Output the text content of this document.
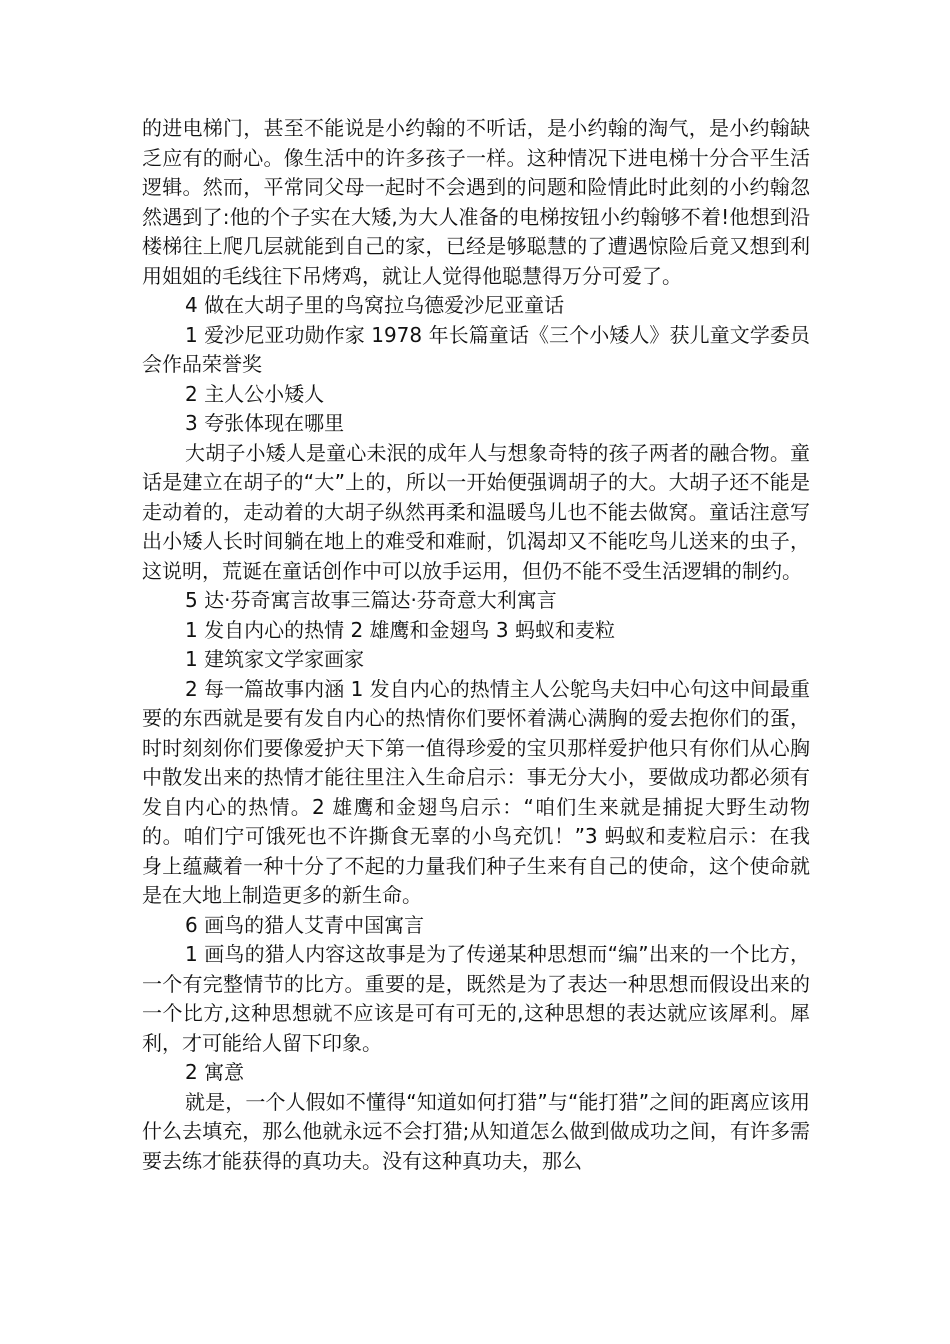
的进电梯门，甚至不能说是小约翰的不听话，是小约翰的淘气，是小约翰缺乏应有的耐心。像生活中的许多孩子一样。这种情况下进电梯十分合平生活逻辑。然而，平常同父母一起时不会遇到的问题和险情此时此刻的小约翰忽然遇到了:他的个子实在大矮,为大人准备的电梯按钮小约翰够不着!他想到沿楼梯往上爬几层就能到自己的家，已经是够聪慧的了遭遇惊险后竟又想到利用姐姐的毛线往下吊烤鸡，就让人觉得他聪慧得万分可爱了。

4 做在大胡子里的鸟窝拉乌德爱沙尼亚童话

1 爱沙尼亚功勋作家 1978 年长篇童话《三个小矮人》获儿童文学委员会作品荣誉奖

2 主人公小矮人

3 夸张体现在哪里

大胡子小矮人是童心未泯的成年人与想象奇特的孩子两者的融合物。童话是建立在胡子的“大”上的，所以一开始便强调胡子的大。大胡子还不能是走动着的，走动着的大胡子纵然再柔和温暖鸟儿也不能去做窝。童话注意写出小矮人长时间躺在地上的难受和难耐，饥渴却又不能吃鸟儿送来的虫子，这说明，荒诞在童话创作中可以放手运用，但仍不能不受生活逻辑的制约。

5 达·芬奇寓言故事三篇达·芬奇意大利寓言

1 发自内心的热情 2 雄鹰和金翅鸟 3 蚂蚁和麦粒

1 建筑家文学家画家

2 每一篇故事内涵 1 发自内心的热情主人公鸵鸟夫妇中心句这中间最重要的东西就是要有发自内心的热情你们要怀着满心满胸的爱去抱你们的蛋，时时刻刻你们要像爱护天下第一值得珍爱的宝贝那样爱护他只有你们从心胸中散发出来的热情才能往里注入生命启示：事无分大小，要做成功都必须有发自内心的热情。2 雄鹰和金翅鸟启示：“咱们生来就是捕捉大野生动物的。咱们宁可饿死也不许撕食无辜的小鸟充饥！”3 蚂蚁和麦粒启示：在我身上蕴藏着一种十分了不起的力量我们种子生来有自己的使命，这个使命就是在大地上制造更多的新生命。

6 画鸟的猎人艾青中国寓言

1 画鸟的猎人内容这故事是为了传递某种思想而“编”出来的一个比方，一个有完整情节的比方。重要的是，既然是为了表达一种思想而假设出来的一个比方,这种思想就不应该是可有可无的,这种思想的表达就应该犀利。犀利，才可能给人留下印象。

2 寓意

就是，一个人假如不懂得“知道如何打猎”与“能打猎”之间的距离应该用什么去填充，那么他就永远不会打猎;从知道怎么做到做成功之间，有许多需要去练才能获得的真功夫。没有这种真功夫，那么
